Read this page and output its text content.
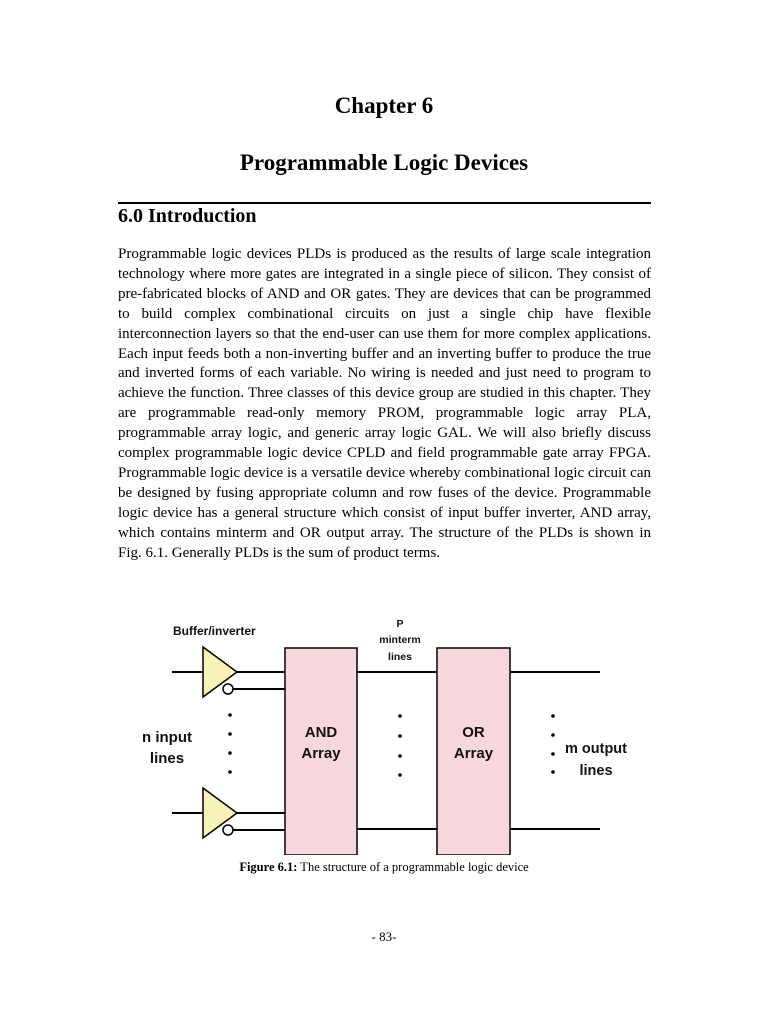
Chapter 6
Programmable Logic Devices
6.0 Introduction

Programmable logic devices PLDs is produced as the results of large scale integration technology where more gates are integrated in a single piece of silicon. They consist of pre-fabricated blocks of AND and OR gates. They are devices that can be programmed to build complex combinational circuits on just a single chip have flexible interconnection layers so that the end-user can use them for more complex applications. Each input feeds both a non-inverting buffer and an inverting buffer to produce the true and inverted forms of each variable. No wiring is needed and just need to program to achieve the function. Three classes of this device group are studied in this chapter. They are programmable read-only memory PROM, programmable logic array PLA, programmable array logic, and generic array logic GAL. We will also briefly discuss complex programmable logic device CPLD and field programmable gate array FPGA. Programmable logic device is a versatile device whereby combinational logic circuit can be designed by fusing appropriate column and row fuses of the device. Programmable logic device has a general structure which consist of input buffer inverter, AND array, which contains minterm and OR output array. The structure of the PLDs is shown in Fig. 6.1. Generally PLDs is the sum of product terms.

Buffer/inverter	P
minterm
lines
n input
lines
AND
Array
OR
Array	m output
lines
Figure 6.1: The structure of a programmable logic device
- 83-
